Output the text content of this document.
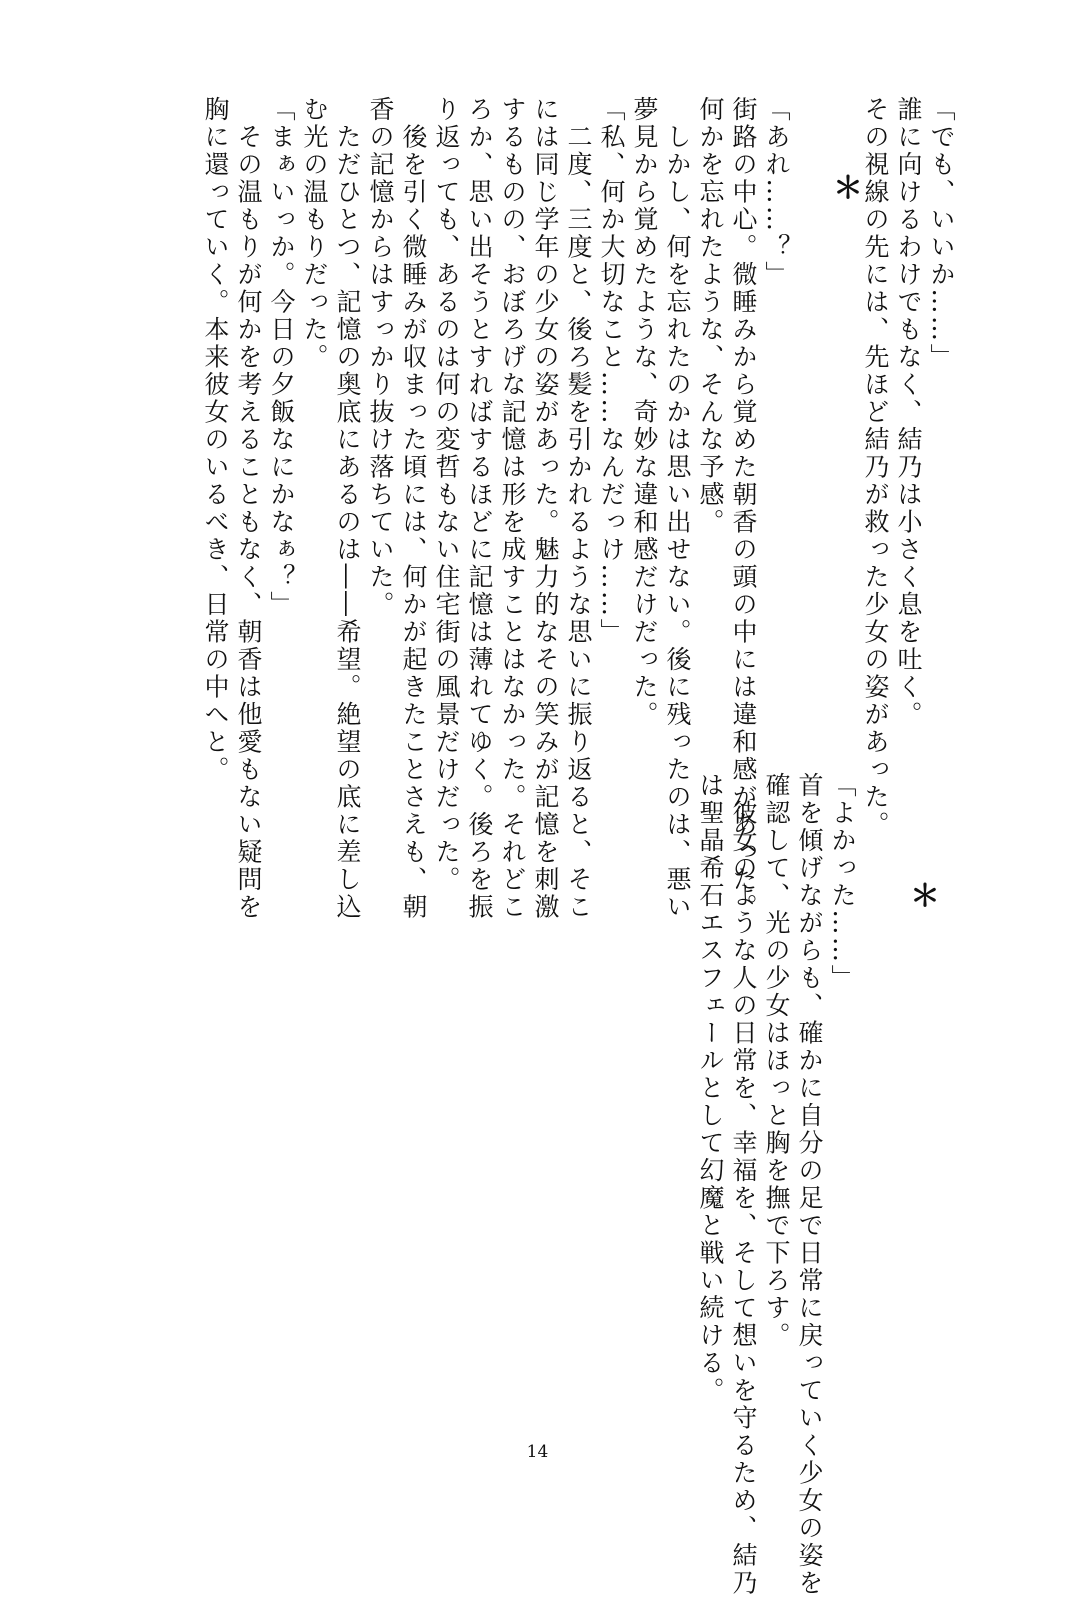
「でも、いいか……」

誰に向けるわけでもなく、結乃は小さく息を吐く。

その視線の先には、先ほど結乃が救った少女の姿があった。

＊

「あれ……？」

街路の中心。微睡みから覚めた朝香の頭の中には違和感があった。

何かを忘れたような、そんな予感。

　しかし、何を忘れたのかは思い出せない。後に残ったのは、悪い

夢見から覚めたような、奇妙な違和感だけだった。

「私、何か大切なこと……なんだっけ……」

　二度、三度と、後ろ髪を引かれるような思いに振り返ると、そこ

には同じ学年の少女の姿があった。魅力的なその笑みが記憶を刺激

するものの、おぼろげな記憶は形を成すことはなかった。それどこ

ろか、思い出そうとすればするほどに記憶は薄れてゆく。後ろを振

り返っても、あるのは何の変哲もない住宅街の風景だけだった。

　後を引く微睡みが収まった頃には、何かが起きたことさえも、朝

香の記憶からはすっかり抜け落ちていた。

　ただひとつ、記憶の奥底にあるのは――希望。絶望の底に差し込

む光の温もりだった。

「まぁいっか。今日の夕飯なにかなぁ？」

　その温もりが何かを考えることもなく、朝香は他愛もない疑問を

胸に還っていく。本来彼女のいるべき、日常の中へと。

「よかった……」

首を傾げながらも、確かに自分の足で日常に戻っていく少女の姿を

確認して、光の少女はほっと胸を撫で下ろす。

　彼女のような人の日常を、幸福を、そして想いを守るため、結乃

は聖晶希石エスフェールとして幻魔と戦い続ける。	＊

14
